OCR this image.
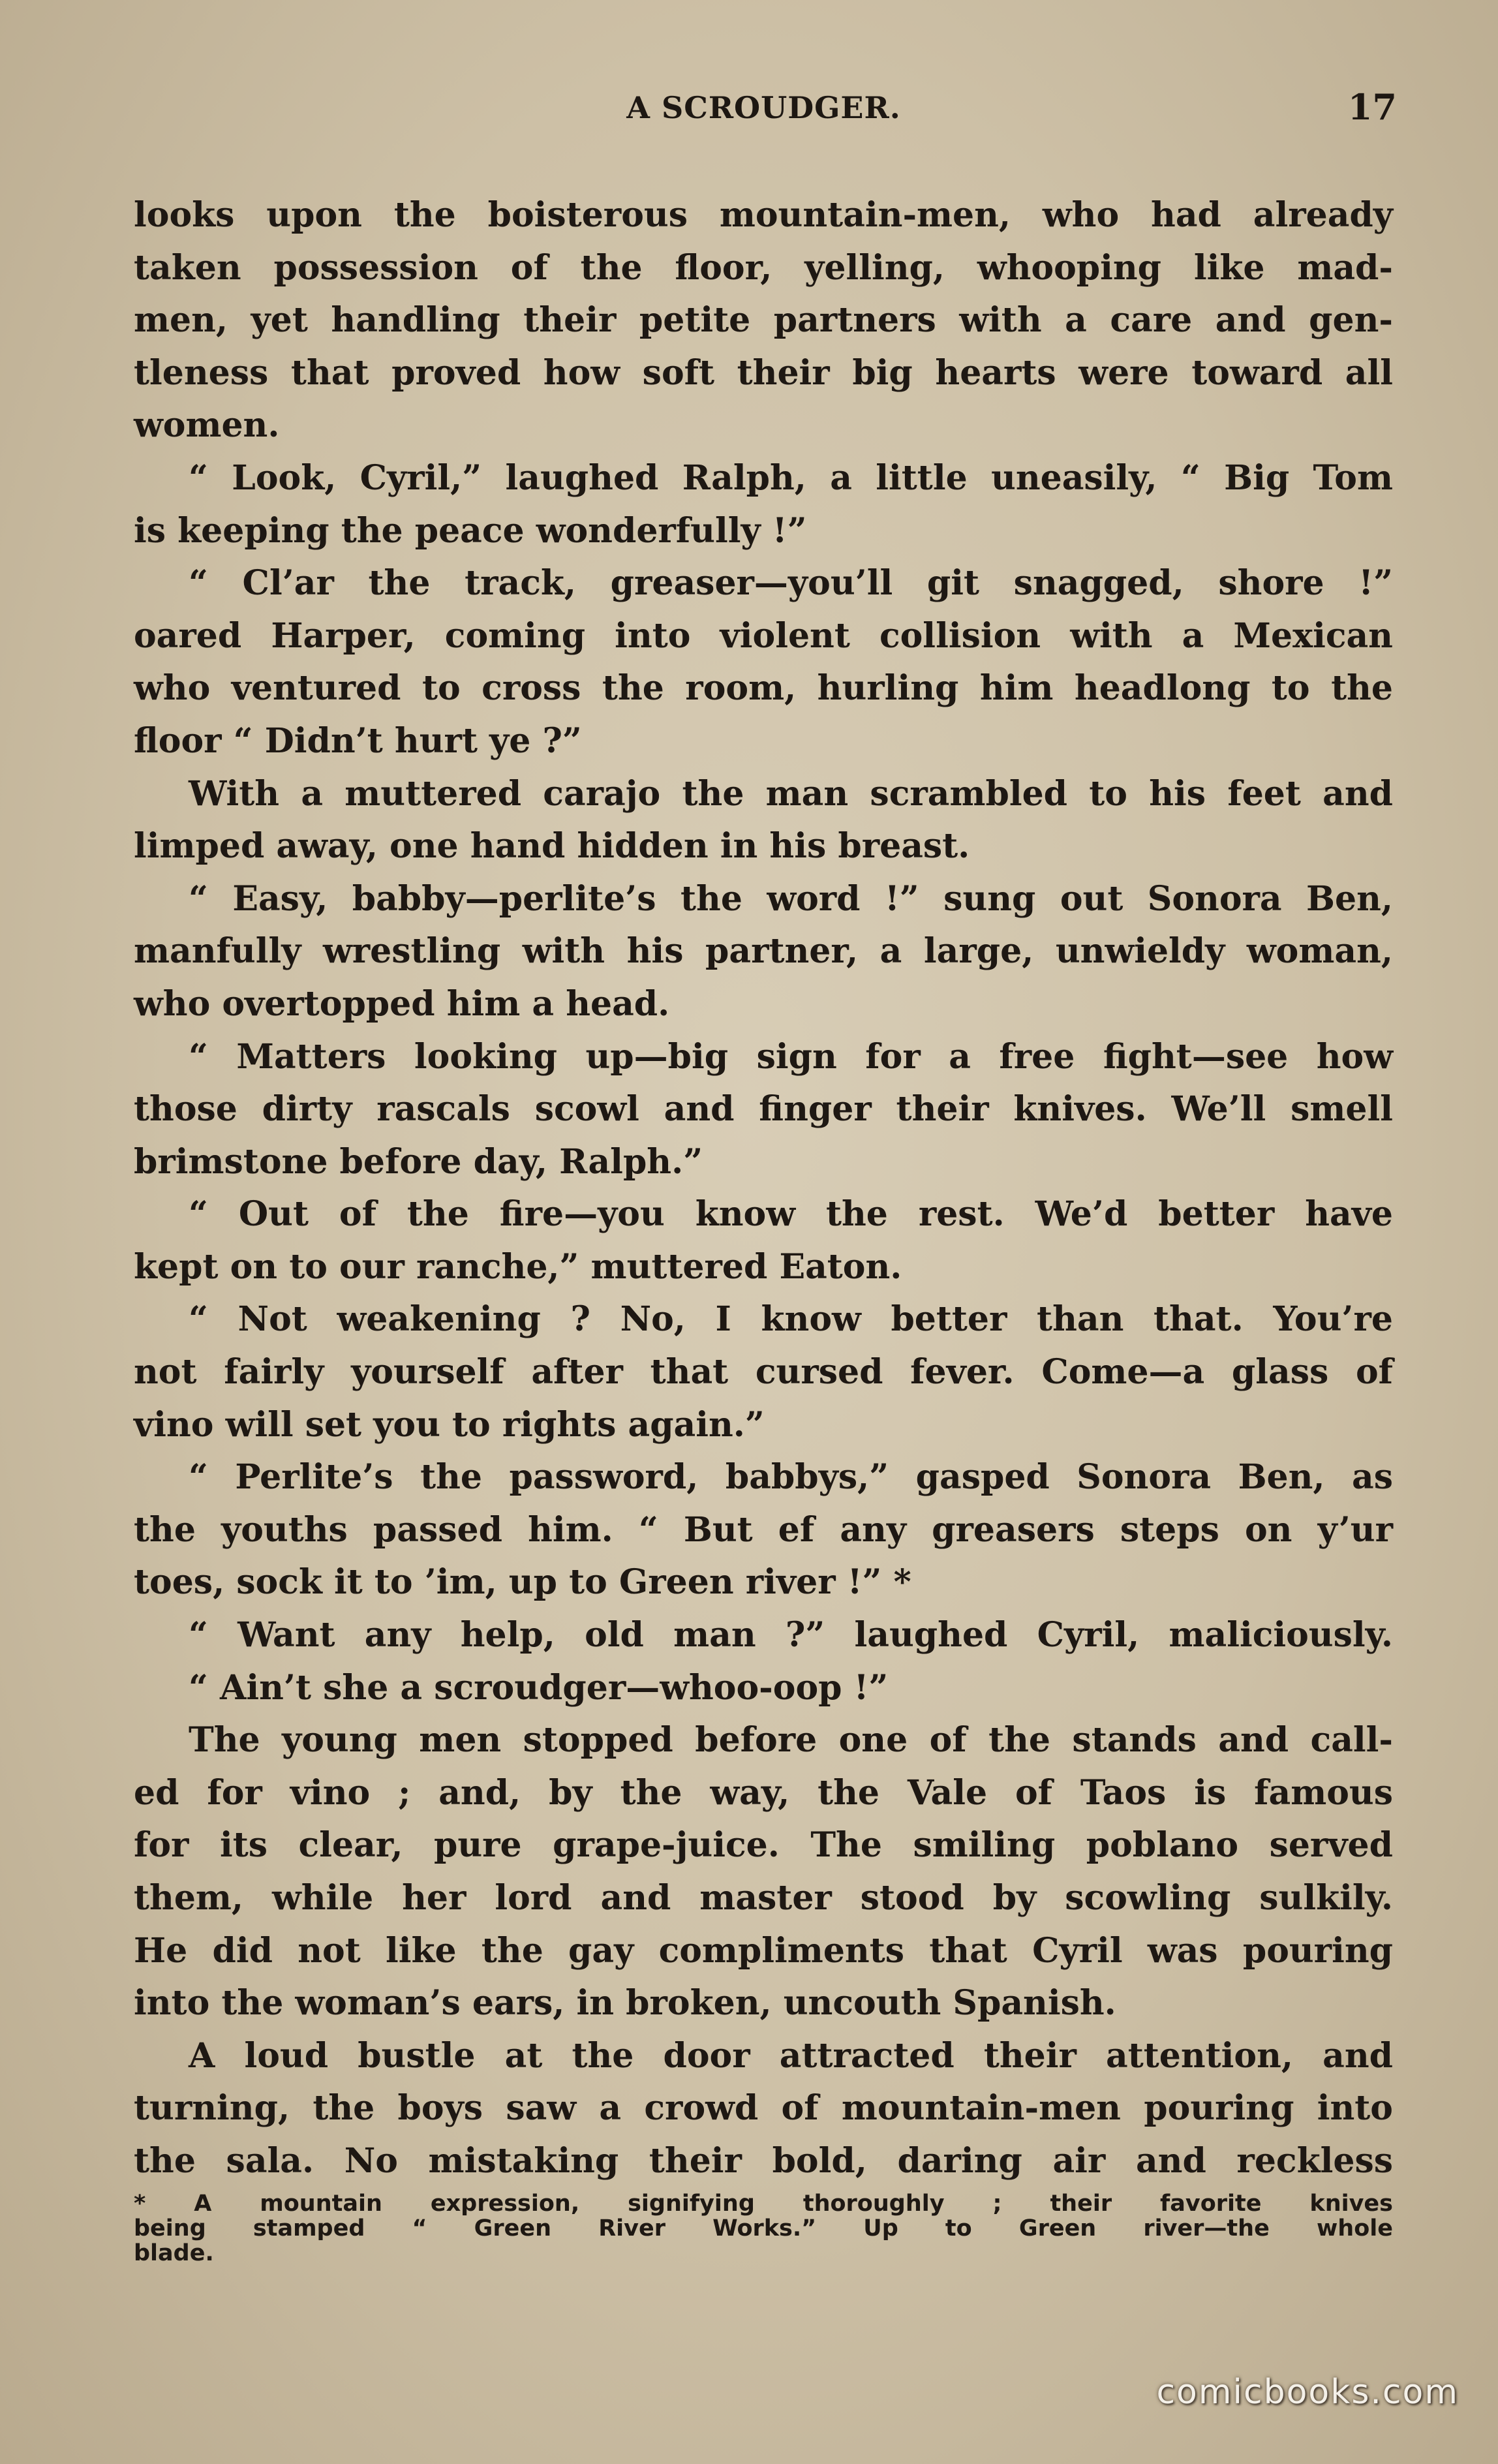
A SCROUDGER.	17
looks upon the boisterous mountain-men, who had already
taken possession of the floor, yelling, whooping like mad-
men, yet handling their petite partners with a care and gen-
tleness that proved how soft their big hearts were toward all
women.
“ Look, Cyril,” laughed Ralph, a little uneasily, “ Big Tom
is keeping the peace wonderfully !”
“ Cl’ar the track, greaser—you’ll git snagged, shore !”
oared Harper, coming into violent collision with a Mexican
who ventured to cross the room, hurling him headlong to the
floor “ Didn’t hurt ye ?”
With a muttered carajo the man scrambled to his feet and
limped away, one hand hidden in his breast.
“ Easy, babby—perlite’s the word !” sung out Sonora Ben,
manfully wrestling with his partner, a large, unwieldy woman,
who overtopped him a head.
“ Matters looking up—big sign for a free fight—see how
those dirty rascals scowl and finger their knives. We’ll smell
brimstone before day, Ralph.”
“ Out of the fire—you know the rest. We’d better have
kept on to our ranche,” muttered Eaton.
“ Not weakening ? No, I know better than that. You’re
not fairly yourself after that cursed fever. Come—a glass of
vino will set you to rights again.”
“ Perlite’s the password, babbys,” gasped Sonora Ben, as
the youths passed him. “ But ef any greasers steps on y’ur
toes, sock it to ’im, up to Green river !” *
“ Want any help, old man ?” laughed Cyril, maliciously.
“ Ain’t she a scroudger—whoo-oop !”
The young men stopped before one of the stands and call-
ed for vino ; and, by the way, the Vale of Taos is famous
for its clear, pure grape-juice. The smiling poblano served
them, while her lord and master stood by scowling sulkily.
He did not like the gay compliments that Cyril was pouring
into the woman’s ears, in broken, uncouth Spanish.
A loud bustle at the door attracted their attention, and
turning, the boys saw a crowd of mountain-men pouring into
the sala. No mistaking their bold, daring air and reckless
* A mountain expression, signifying thoroughly ; their favorite knives
being stamped “ Green River Works.” Up to Green river—the whole
blade.
comicbooks.com
